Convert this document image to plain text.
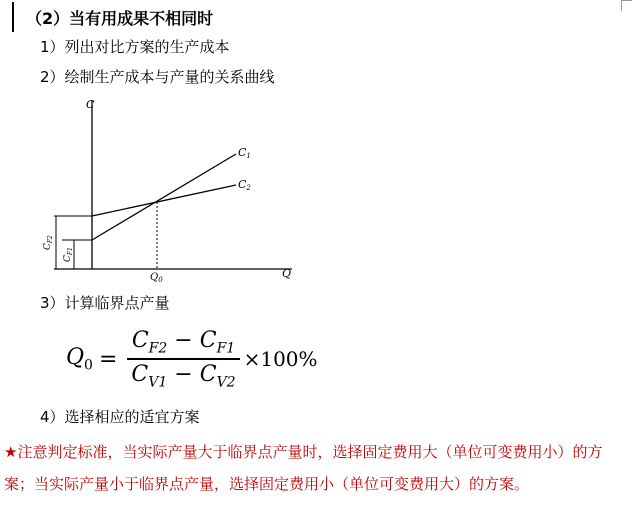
（2）当有用成果不相同时
1）列出对比方案的生产成本
2）绘制生产成本与产量的关系曲线
C
Q
C1
C2
$Q_0$
$C_{F2}$
$C_{F1}$
3）计算临界点产量
$Q_0 = \frac{C_{F2} - C_{F1}}{C_{V1} - C_{V2}} \times 100\%$
4）选择相应的适宜方案
★注意判定标准，当实际产量大于临界点产量时，选择固定费用大（单位可变费用小）的方案；当实际产量小于临界点产量，选择固定费用小（单位可变费用大）的方案。
